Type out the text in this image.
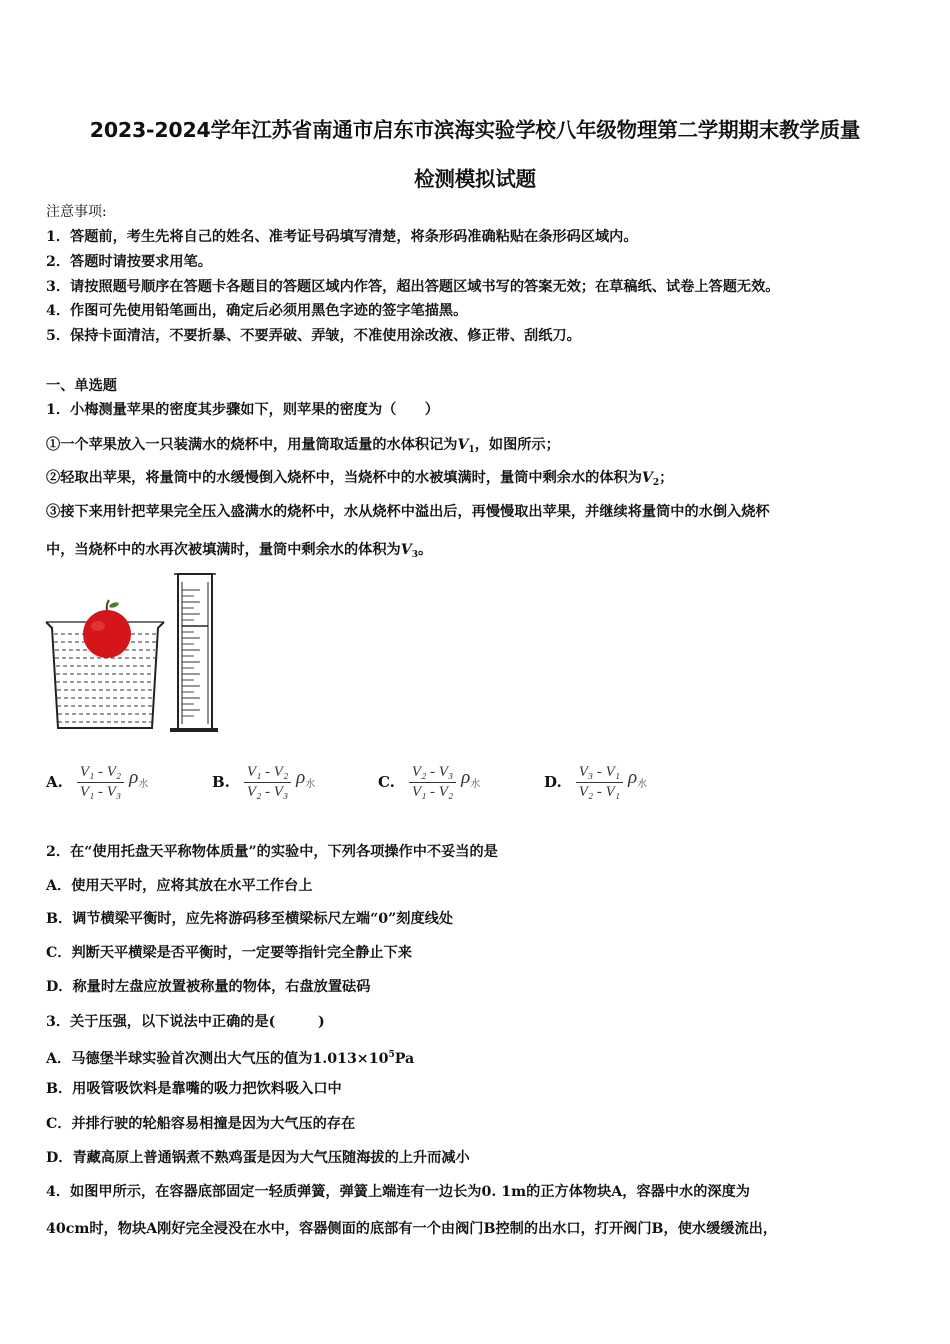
2023-2024学年江苏省南通市启东市滨海实验学校八年级物理第二学期期末教学质量
检测模拟试题
注意事项:
1．答题前，考生先将自己的姓名、准考证号码填写清楚，将条形码准确粘贴在条形码区域内。
2．答题时请按要求用笔。
3．请按照题号顺序在答题卡各题目的答题区域内作答，超出答题区域书写的答案无效；在草稿纸、试卷上答题无效。
4．作图可先使用铅笔画出，确定后必须用黑色字迹的签字笔描黑。
5．保持卡面清洁，不要折暴、不要弄破、弄皱，不准使用涂改液、修正带、刮纸刀。
一、单选题
1．小梅测量苹果的密度其步骤如下，则苹果的密度为（　　）
①一个苹果放入一只装满水的烧杯中，用量筒取适量的水体积记为$V_1$，如图所示；
②轻取出苹果，将量筒中的水缓慢倒入烧杯中，当烧杯中的水被填满时，量筒中剩余水的体积为$V_2$；
③接下来用针把苹果完全压入盛满水的烧杯中，水从烧杯中溢出后，再慢慢取出苹果，并继续将量筒中的水倒入烧杯
中，当烧杯中的水再次被填满时，量筒中剩余水的体积为$V_3$。
A. $\frac{\text{V₁ - V₂}}{\text{V₁ - V₃}} \rho_水$	B. $\frac{\text{V₁ - V₂}}{\text{V₂ - V₃}} \rho_水$	C. $\frac{\text{V₂ - V₃}}{\text{V₁ - V₂}} \rho_水$	D. $\frac{\text{V₃ - V₁}}{\text{V₂ - V₁}} \rho_水$
2．在“使用托盘天平称物体质量”的实验中，下列各项操作中不妥当的是
A．使用天平时，应将其放在水平工作台上
B．调节横梁平衡时，应先将游码移至横梁标尺左端“0”刻度线处
C．判断天平横梁是否平衡时，一定要等指针完全静止下来
D．称量时左盘应放置被称量的物体，右盘放置砝码
3．关于压强，以下说法中正确的是(　　　)
A．马德堡半球实验首次测出大气压的值为$1.013\times 10^5Pa$
B．用吸管吸饮料是靠嘴的吸力把饮料吸入口中
C．并排行驶的轮船容易相撞是因为大气压的存在
D．青藏高原上普通锅煮不熟鸡蛋是因为大气压随海拔的上升而减小
4．如图甲所示，在容器底部固定一轻质弹簧，弹簧上端连有一边长为0. 1m的正方体物块A，容器中水的深度为
40cm时，物块A刚好完全浸没在水中，容器侧面的底部有一个由阀门B控制的出水口，打开阀门B，使水缓缓流出，
